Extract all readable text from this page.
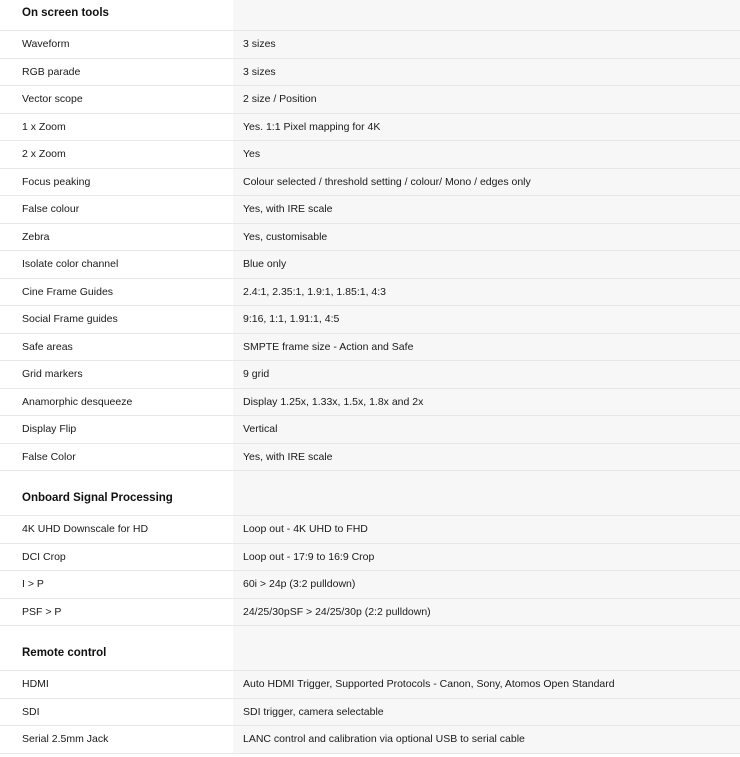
On screen tools
Waveform	3 sizes
RGB parade	3 sizes
Vector scope	2 size / Position
1 x Zoom	Yes. 1:1 Pixel mapping for 4K
2 x Zoom	Yes
Focus peaking	Colour selected / threshold setting / colour/ Mono / edges only
False colour	Yes, with IRE scale
Zebra	Yes, customisable
Isolate color channel	Blue only
Cine Frame Guides	2.4:1, 2.35:1, 1.9:1, 1.85:1, 4:3
Social Frame guides	9:16, 1:1, 1.91:1, 4:5
Safe areas	SMPTE frame size - Action and Safe
Grid markers	9 grid
Anamorphic desqueeze	Display 1.25x, 1.33x, 1.5x, 1.8x and 2x
Display Flip	Vertical
False Color	Yes, with IRE scale
Onboard Signal Processing
4K UHD Downscale for HD	Loop out - 4K UHD to FHD
DCI Crop	Loop out - 17:9 to 16:9 Crop
I > P	60i > 24p (3:2 pulldown)
PSF > P	24/25/30pSF > 24/25/30p (2:2 pulldown)
Remote control
HDMI	Auto HDMI Trigger, Supported Protocols - Canon, Sony, Atomos Open Standard
SDI	SDI trigger, camera selectable
Serial 2.5mm Jack	LANC control and calibration via optional USB to serial cable
